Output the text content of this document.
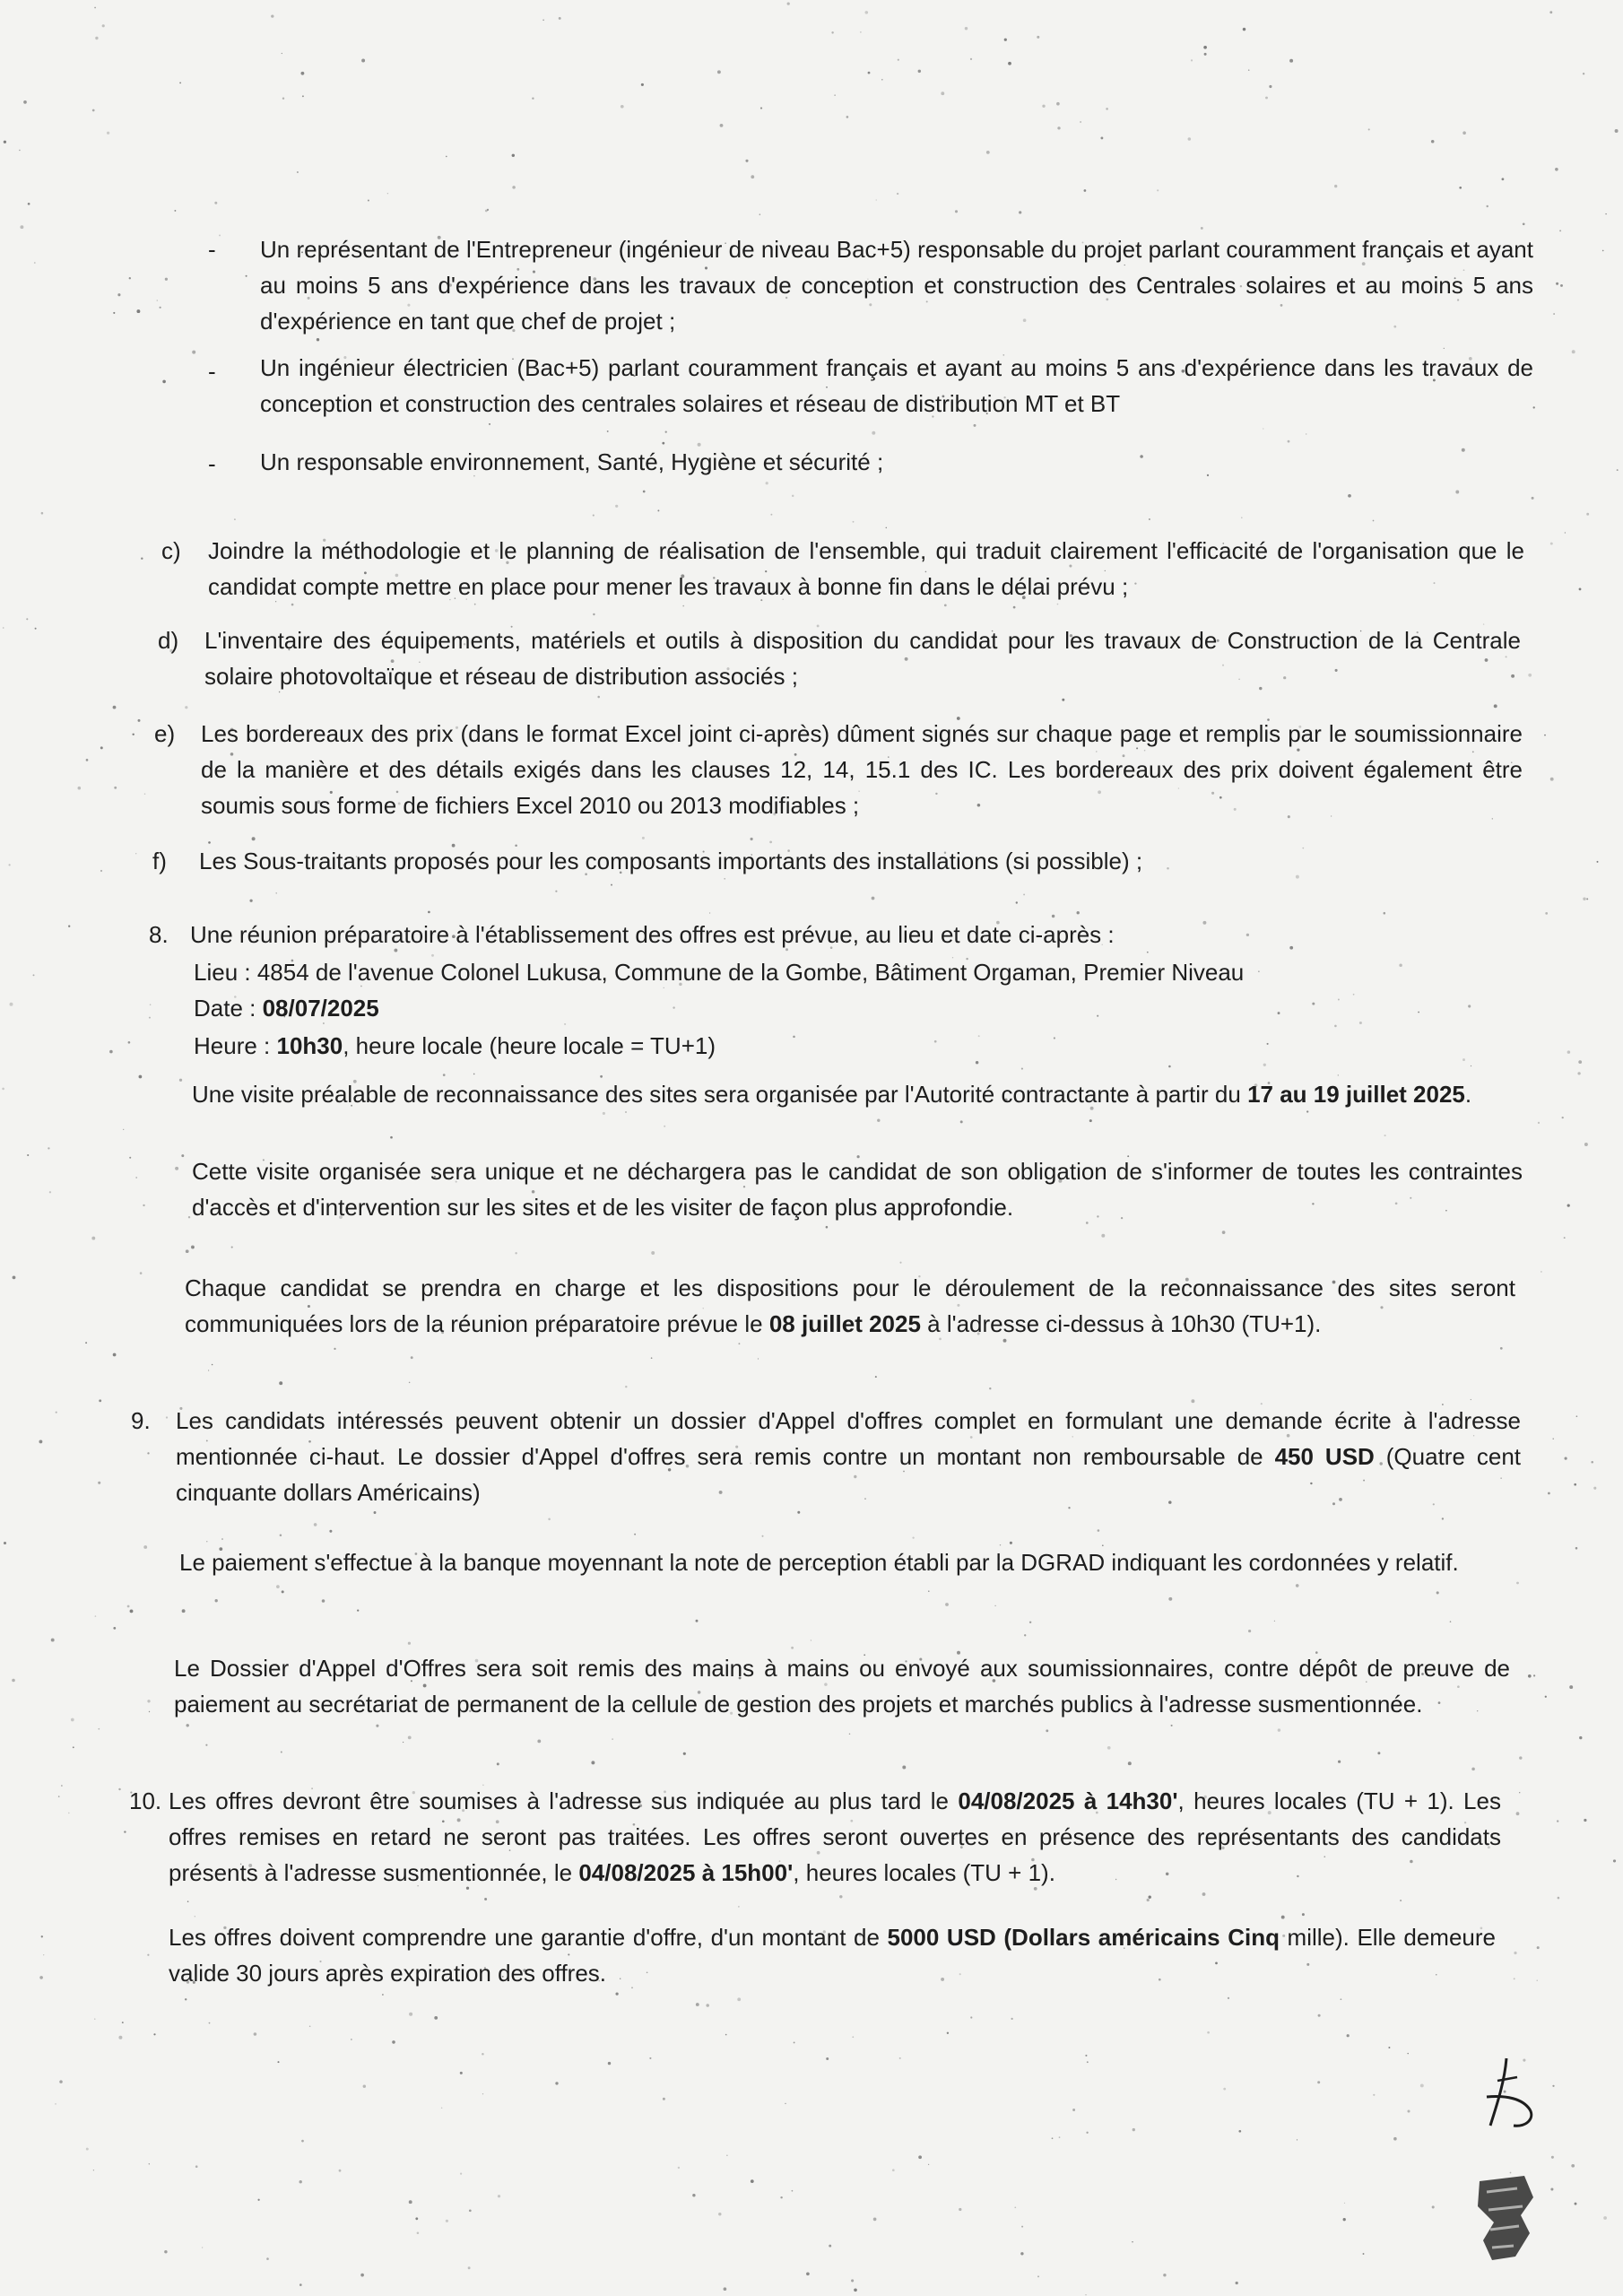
- Un représentant de l'Entrepreneur (ingénieur de niveau Bac+5) responsable du projet parlant couramment français et ayant au moins 5 ans d'expérience dans les travaux de conception et construction des Centrales solaires et au moins 5 ans d'expérience en tant que chef de projet ;

- Un ingénieur électricien (Bac+5) parlant couramment français et ayant au moins 5 ans d'expérience dans les travaux de conception et construction des centrales solaires et réseau de distribution MT et BT

- Un responsable environnement, Santé, Hygiène et sécurité ;

c) Joindre la méthodologie et le planning de réalisation de l'ensemble, qui traduit clairement l'efficacité de l'organisation que le candidat compte mettre en place pour mener les travaux à bonne fin dans le délai prévu ;

d) L'inventaire des équipements, matériels et outils à disposition du candidat pour les travaux de Construction de la Centrale solaire photovoltaïque et réseau de distribution associés ;

e) Les bordereaux des prix (dans le format Excel joint ci-après) dûment signés sur chaque page et remplis par le soumissionnaire de la manière et des détails exigés dans les clauses 12, 14, 15.1 des IC. Les bordereaux des prix doivent également être soumis sous forme de fichiers Excel 2010 ou 2013 modifiables ;

f) Les Sous-traitants proposés pour les composants importants des installations (si possible) ;

8. Une réunion préparatoire à l'établissement des offres est prévue, au lieu et date ci-après :

Lieu : 4854 de l'avenue Colonel Lukusa, Commune de la Gombe, Bâtiment Orgaman, Premier Niveau

Date : 08/07/2025

Heure : 10h30, heure locale (heure locale = TU+1)

Une visite préalable de reconnaissance des sites sera organisée par l'Autorité contractante à partir du 17 au 19 juillet 2025.

Cette visite organisée sera unique et ne déchargera pas le candidat de son obligation de s'informer de toutes les contraintes d'accès et d'intervention sur les sites et de les visiter de façon plus approfondie.

Chaque candidat se prendra en charge et les dispositions pour le déroulement de la reconnaissance des sites seront communiquées lors de la réunion préparatoire prévue le 08 juillet 2025 à l'adresse ci-dessus à 10h30 (TU+1).

9. Les candidats intéressés peuvent obtenir un dossier d'Appel d'offres complet en formulant une demande écrite à l'adresse mentionnée ci-haut. Le dossier d'Appel d'offres sera remis contre un montant non remboursable de 450 USD (Quatre cent cinquante dollars Américains)

Le paiement s'effectue à la banque moyennant la note de perception établi par la DGRAD indiquant les cordonnées y relatif.

Le Dossier d'Appel d'Offres sera soit remis des mains à mains ou envoyé aux soumissionnaires, contre dépôt de preuve de paiement au secrétariat de permanent de la cellule de gestion des projets et marchés publics à l'adresse susmentionnée.

10. Les offres devront être soumises à l'adresse sus indiquée au plus tard le 04/08/2025 à 14h30', heures locales (TU + 1). Les offres remises en retard ne seront pas traitées. Les offres seront ouvertes en présence des représentants des candidats présents à l'adresse susmentionnée, le 04/08/2025 à 15h00', heures locales (TU + 1).

Les offres doivent comprendre une garantie d'offre, d'un montant de 5000 USD (Dollars américains Cinq mille). Elle demeure valide 30 jours après expiration des offres.
